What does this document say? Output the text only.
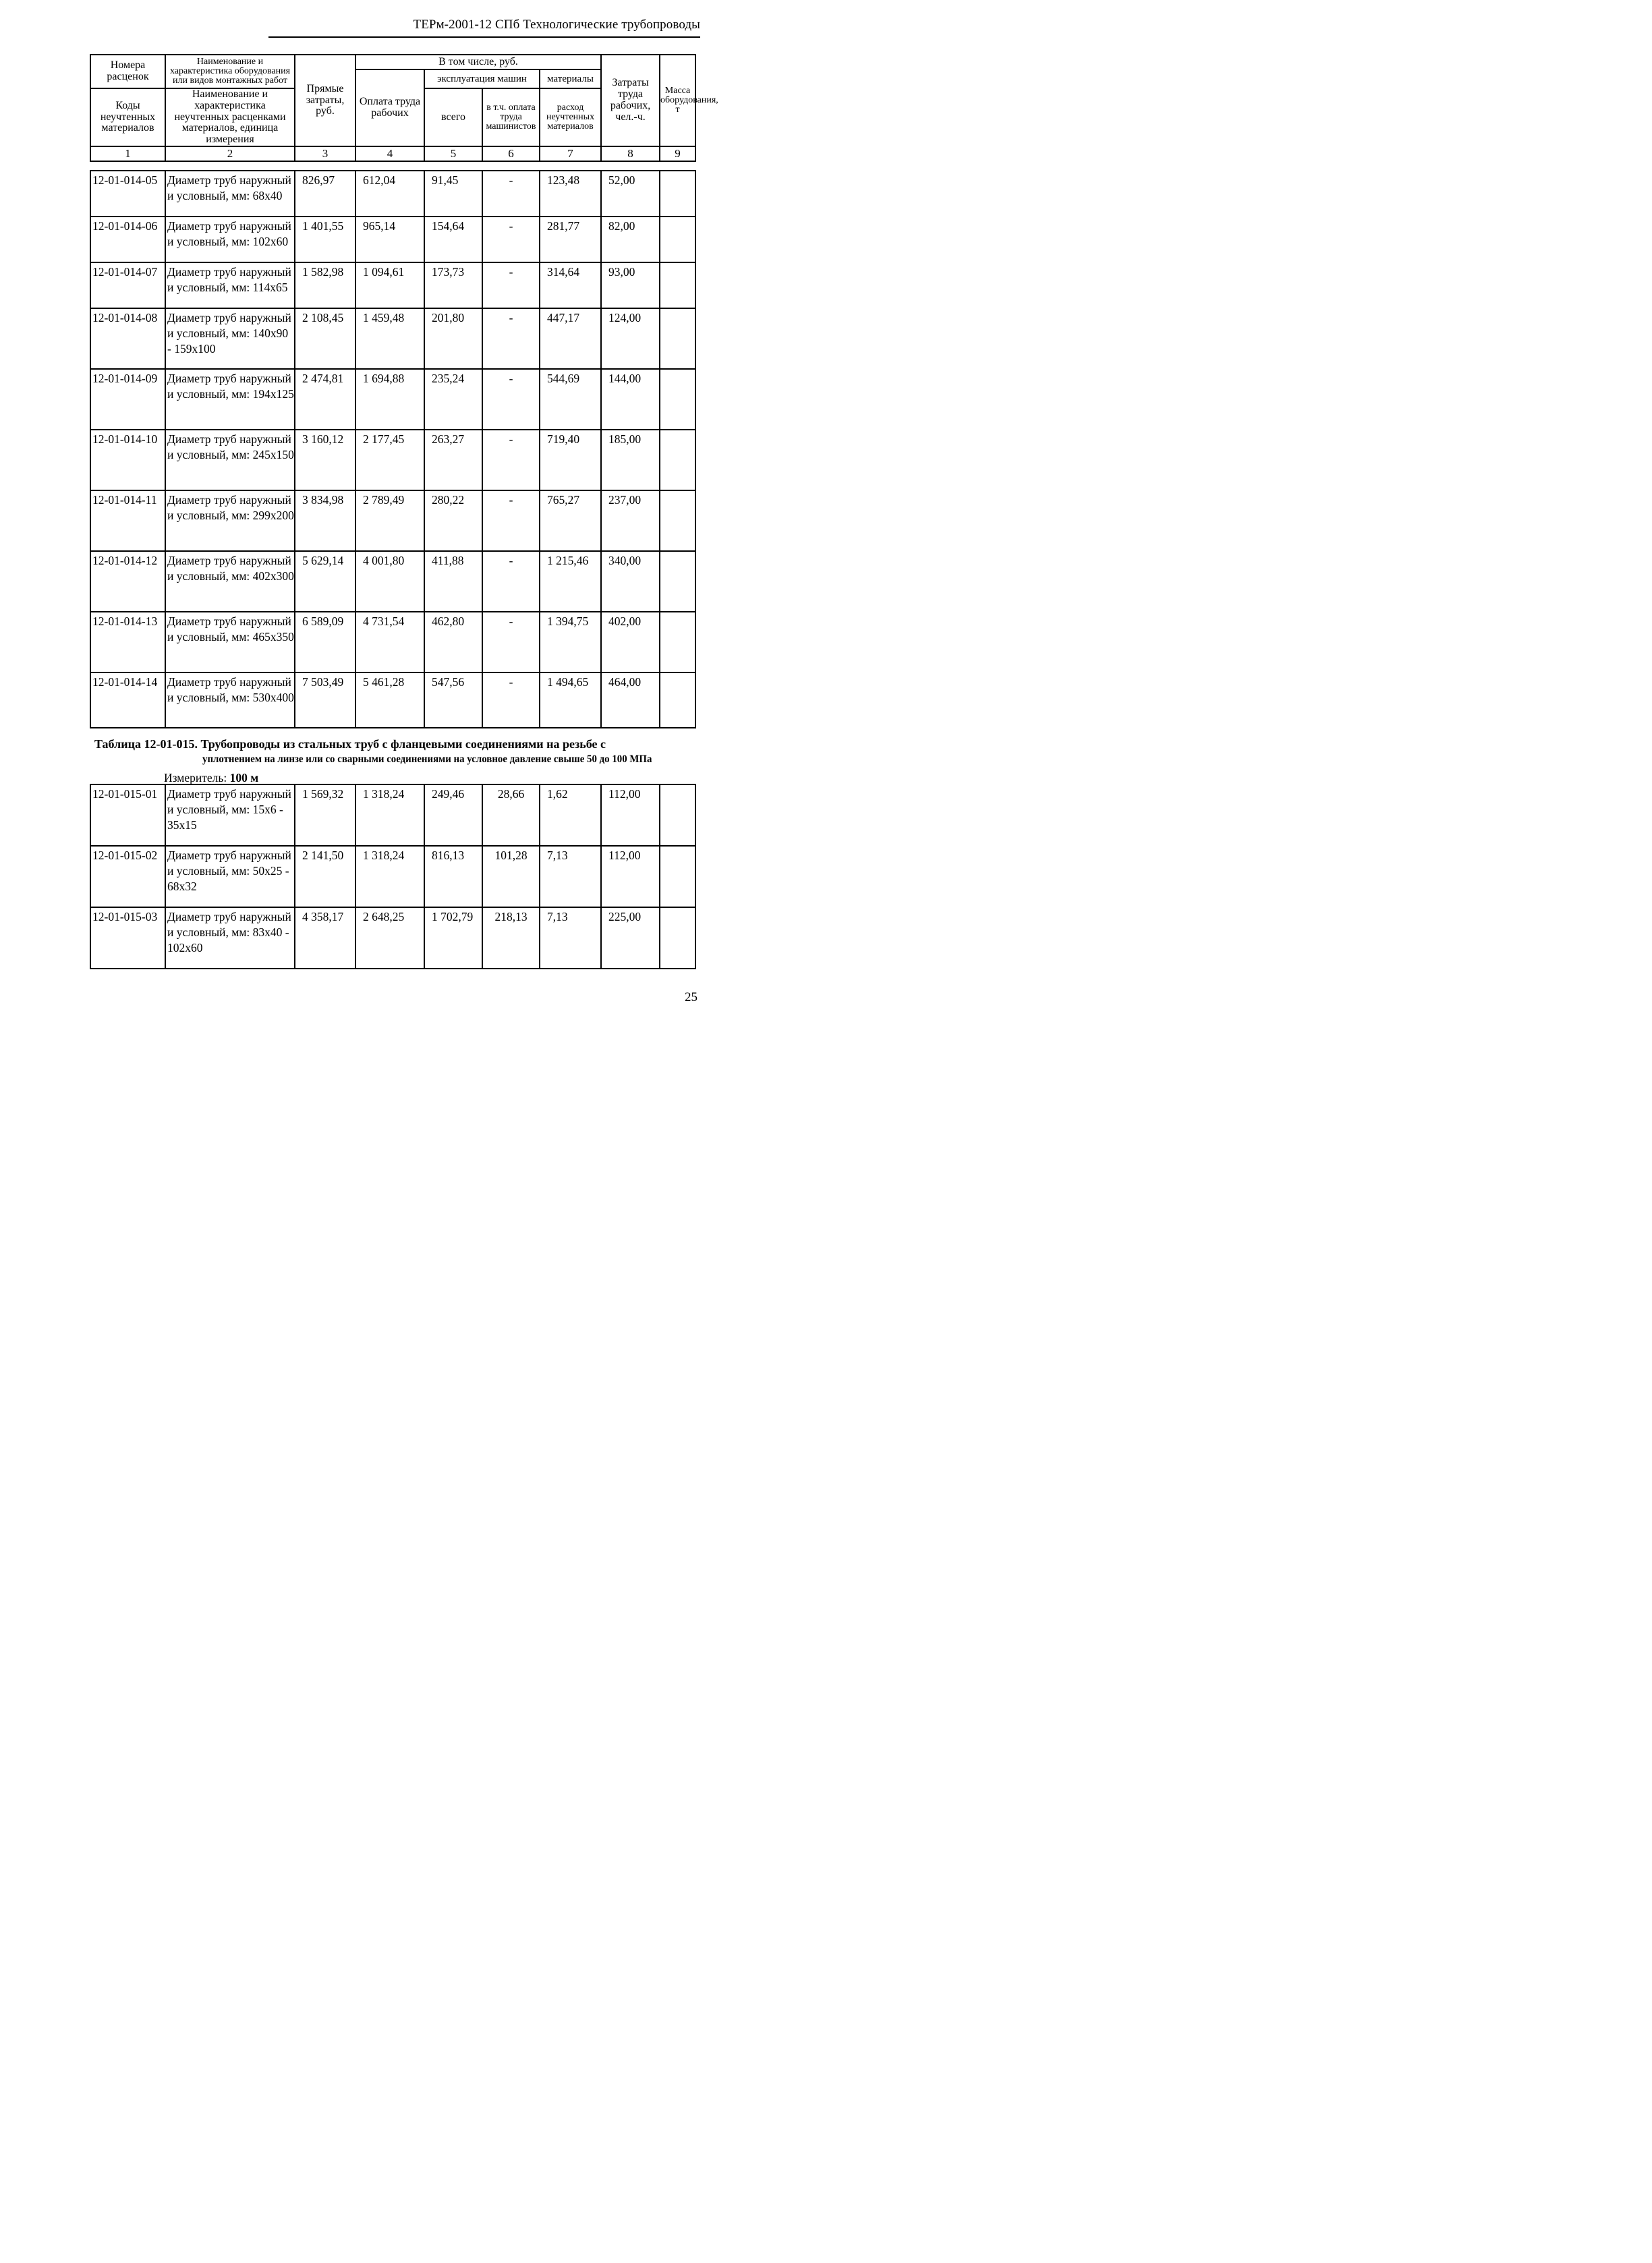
ТЕРм-2001-12 СПб Технологические трубопроводы
Номера расценок	Наименование и характеристика оборудования или видов монтажных работ	Прямые затраты, руб.	В том числе, руб.				Затраты труда рабочих, чел.-ч.	Масса оборудования, т
			Оплата труда рабочих	эксплуатация машин		материалы		
Коды неучтенных материалов	Наименование и характеристика неучтенных расценками материалов, единица измерения			всего	в т.ч. оплата труда машинистов	расход неучтенных материалов		

1	2	3	4	5	6	7	8	9
12-01-014-05	Диаметр труб наружный и условный, мм: 68х40	826,97	612,04	91,45	-	123,48	52,00	
12-01-014-06	Диаметр труб наружный и условный, мм: 102х60	1 401,55	965,14	154,64	-	281,77	82,00	
12-01-014-07	Диаметр труб наружный и условный, мм: 114х65	1 582,98	1 094,61	173,73	-	314,64	93,00	
12-01-014-08	Диаметр труб наружный и условный, мм: 140х90 - 159х100	2 108,45	1 459,48	201,80	-	447,17	124,00	
12-01-014-09	Диаметр труб наружный и условный, мм: 194х125	2 474,81	1 694,88	235,24	-	544,69	144,00	
12-01-014-10	Диаметр труб наружный и условный, мм: 245х150	3 160,12	2 177,45	263,27	-	719,40	185,00	
12-01-014-11	Диаметр труб наружный и условный, мм: 299х200	3 834,98	2 789,49	280,22	-	765,27	237,00	
12-01-014-12	Диаметр труб наружный и условный, мм: 402х300	5 629,14	4 001,80	411,88	-	1 215,46	340,00	
12-01-014-13	Диаметр труб наружный и условный, мм: 465х350	6 589,09	4 731,54	462,80	-	1 394,75	402,00	
12-01-014-14	Диаметр труб наружный и условный, мм: 530х400	7 503,49	5 461,28	547,56	-	1 494,65	464,00	
Таблица 12-01-015. Трубопроводы из стальных труб с фланцевыми соединениями на резьбе с
уплотнением на линзе или со сварными соединениями на условное давление свыше 50 до 100 МПа
Измеритель: 100 м
12-01-015-01	Диаметр труб наружный и условный, мм: 15х6 - 35х15	1 569,32	1 318,24	249,46	28,66	1,62	112,00	
12-01-015-02	Диаметр труб наружный и условный, мм: 50х25 - 68х32	2 141,50	1 318,24	816,13	101,28	7,13	112,00	
12-01-015-03	Диаметр труб наружный и условный, мм: 83х40 - 102х60	4 358,17	2 648,25	1 702,79	218,13	7,13	225,00	
25
